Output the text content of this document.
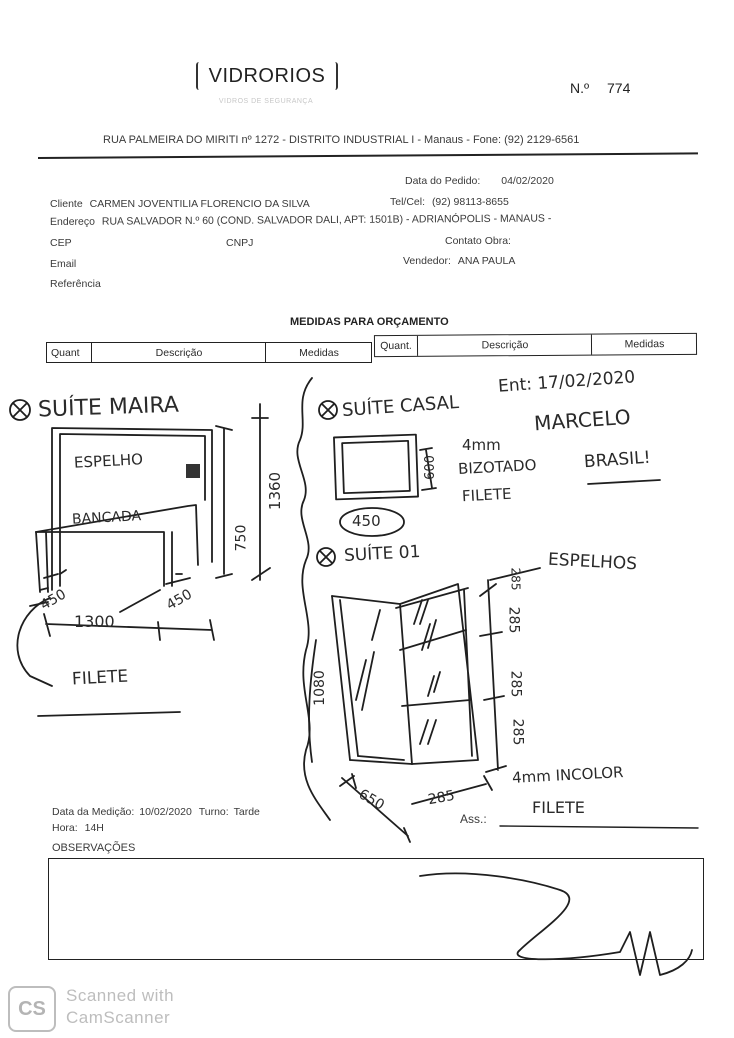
VIDRORIOS
VIDROS DE SEGURANÇA
N.º 774
RUA PALMEIRA DO MIRITI nº 1272 - DISTRITO INDUSTRIAL I - Manaus - Fone: (92) 2129-6561
Data do Pedido: 04/02/2020
Cliente CARMEN JOVENTILIA FLORENCIO DA SILVA	Tel/Cel: (92) 98113-8655
Endereço RUA SALVADOR N.º 60 (COND. SALVADOR DALI, APT: 1501B) - ADRIANÓPOLIS - MANAUS -
CEP	CNPJ	Contato Obra:
Email	Vendedor: ANA PAULA
Referência
MEDIDAS PARA ORÇAMENTO
Quant	Descrição	Medidas
Quant.	Descrição	Medidas
SUÍTE MAIRA
ESPELHO
BANCADA
1360
750
450
1300
450
FILETE
Ent: 17/02/2020
SUÍTE CASAL	MARCELO
4mm
BIZOTADO	BRASIL!
FILETE
600
450
SUÍTE 01	ESPELHOS
285
285
285
285
1080
650	285
4mm INCOLOR
FILETE
Data da Medição: 10/02/2020 Turno: Tarde
Hora: 14H
Ass.:
OBSERVAÇÕES
CS
Scanned with
CamScanner
